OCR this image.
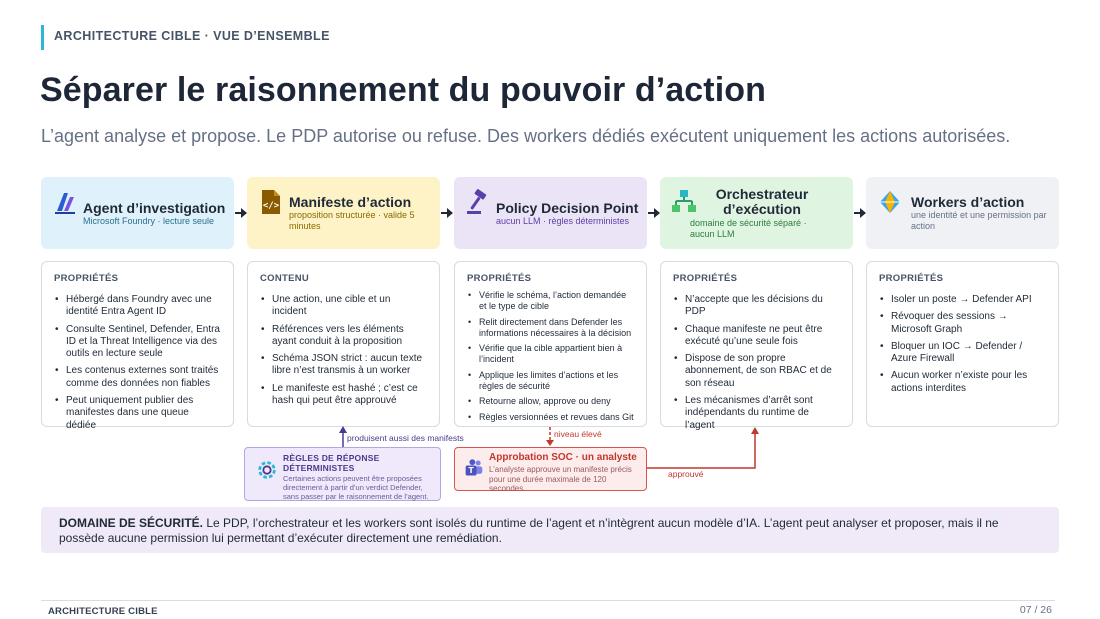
ARCHITECTURE CIBLE · VUE D’ENSEMBLE
Séparer le raisonnement du pouvoir d’action
L’agent analyse et propose. Le PDP autorise ou refuse. Des workers dédiés exécutent uniquement les actions autorisées.
Agent d’investigation
Microsoft Foundry · lecture seule
</> Manifeste d’action
proposition structurée · valide 5 minutes
Policy Decision Point
aucun LLM · règles déterministes
Orchestrateur d’exécution
domaine de sécurité séparé · aucun LLM
Workers d’action
une identité et une permission par action
PROPRIÉTÉS
• Hébergé dans Foundry avec une identité Entra Agent ID
• Consulte Sentinel, Defender, Entra ID et la Threat Intelligence via des outils en lecture seule
• Les contenus externes sont traités comme des données non fiables
• Peut uniquement publier des manifestes dans une queue dédiée
CONTENU
• Une action, une cible et un incident
• Références vers les éléments ayant conduit à la proposition
• Schéma JSON strict : aucun texte libre n’est transmis à un worker
• Le manifeste est hashé ; c’est ce hash qui peut être approuvé
PROPRIÉTÉS
• Vérifie le schéma, l’action demandée et le type de cible
• Relit directement dans Defender les informations nécessaires à la décision
• Vérifie que la cible appartient bien à l’incident
• Applique les limites d’actions et les règles de sécurité
• Retourne allow, approve ou deny
• Règles versionnées et revues dans Git
PROPRIÉTÉS
• N’accepte que les décisions du PDP
• Chaque manifeste ne peut être exécuté qu’une seule fois
• Dispose de son propre abonnement, de son RBAC et de son réseau
• Les mécanismes d’arrêt sont indépendants du runtime de l’agent
PROPRIÉTÉS
• Isoler un poste → Defender API
• Révoquer des sessions → Microsoft Graph
• Bloquer un IOC → Defender / Azure Firewall
• Aucun worker n’existe pour les actions interdites
produisent aussi des manifests	niveau élevé
approuvé
RÈGLES DE RÉPONSE DÉTERMINISTES
Certaines actions peuvent être proposées directement à partir d’un verdict Defender, sans passer par le raisonnement de l’agent.
T
Approbation SOC · un analyste
L’analyste approuve un manifeste précis pour une durée maximale de 120 secondes.
DOMAINE DE SÉCURITÉ. Le PDP, l’orchestrateur et les workers sont isolés du runtime de l’agent et n’intègrent aucun modèle d’IA. L’agent peut analyser et proposer, mais il ne possède aucune permission lui permettant d’exécuter directement une remédiation.
ARCHITECTURE CIBLE	07 / 26
